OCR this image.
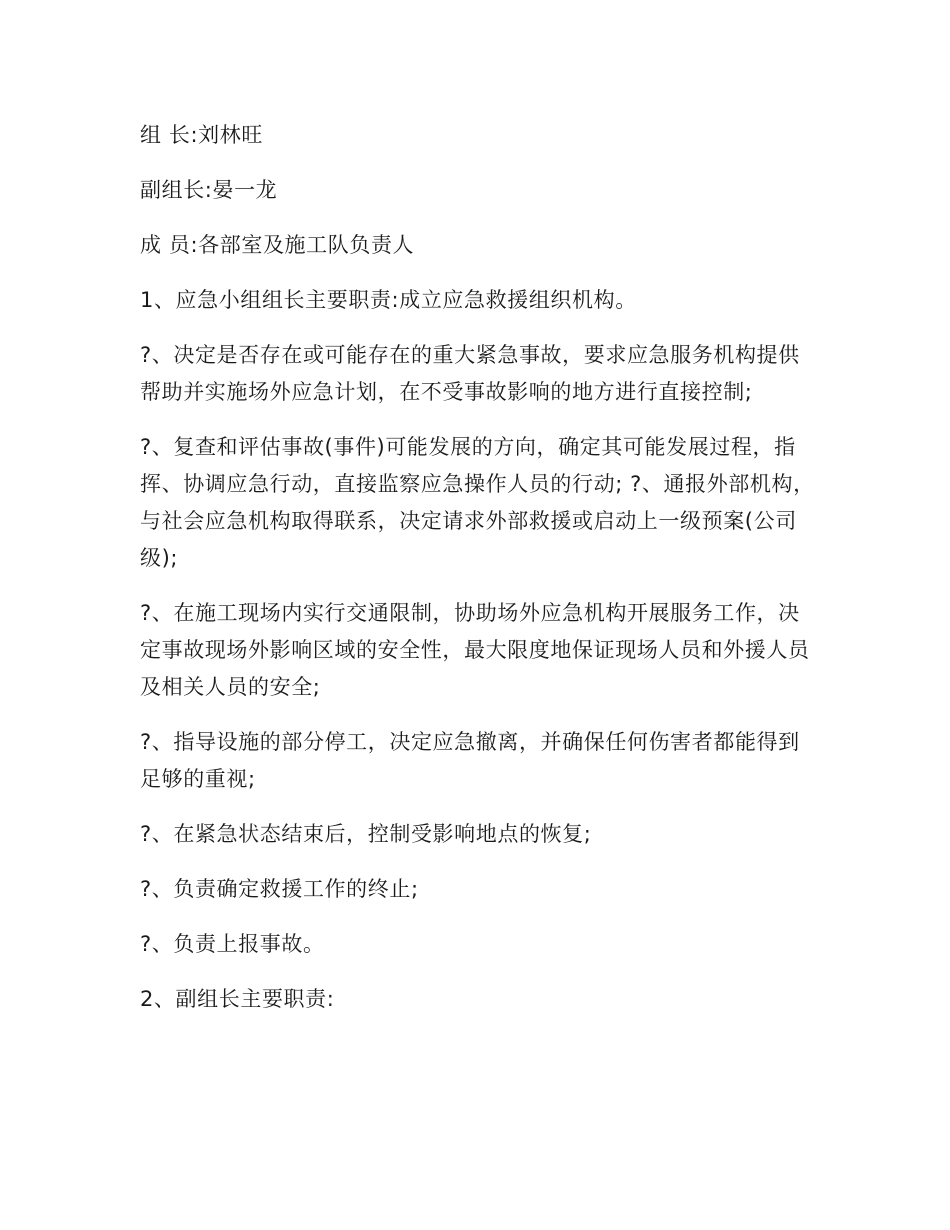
组 长:刘林旺

副组长:晏一龙

成 员:各部室及施工队负责人

1、应急小组组长主要职责:成立应急救援组织机构。

?、决定是否存在或可能存在的重大紧急事故，要求应急服务机构提供帮助并实施场外应急计划，在不受事故影响的地方进行直接控制;

?、复查和评估事故(事件)可能发展的方向，确定其可能发展过程，指挥、协调应急行动，直接监察应急操作人员的行动; ?、通报外部机构，与社会应急机构取得联系，决定请求外部救援或启动上一级预案(公司级);

?、在施工现场内实行交通限制，协助场外应急机构开展服务工作，决定事故现场外影响区域的安全性，最大限度地保证现场人员和外援人员及相关人员的安全;

?、指导设施的部分停工，决定应急撤离，并确保任何伤害者都能得到足够的重视;

?、在紧急状态结束后，控制受影响地点的恢复;

?、负责确定救援工作的终止;

?、负责上报事故。

2、副组长主要职责:
